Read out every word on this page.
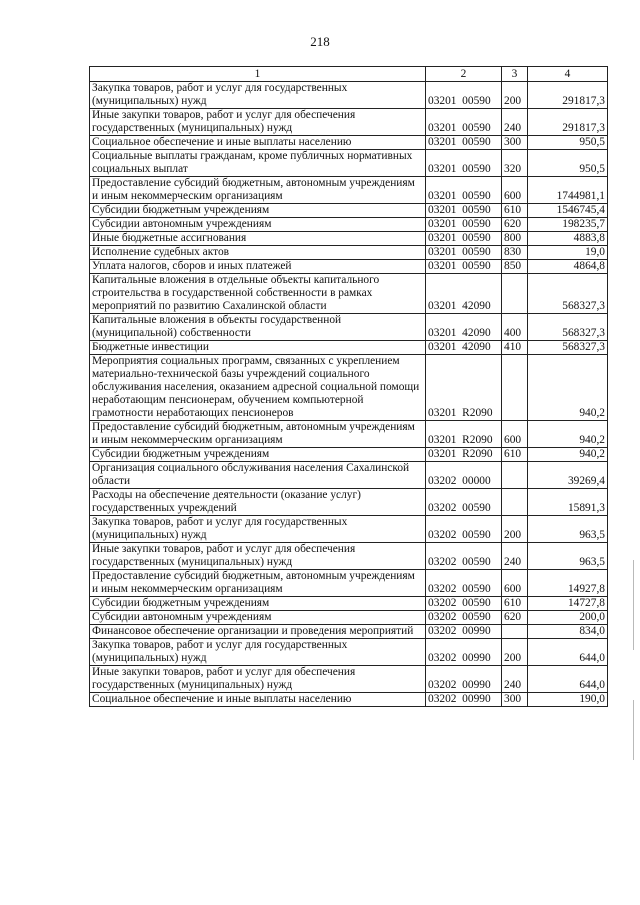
218
1	2	3	4
Закупка товаров, работ и услуг для государственных (муниципальных) нужд	03201  00590	200	291817,3
Иные закупки товаров, работ и услуг для обеспечения государственных (муниципальных) нужд	03201  00590	240	291817,3
Социальное обеспечение и иные выплаты населению	03201  00590	300	950,5
Социальные выплаты гражданам, кроме публичных нормативных социальных выплат	03201  00590	320	950,5
Предоставление субсидий бюджетным, автономным учреждениям и иным некоммерческим организациям	03201  00590	600	1744981,1
Субсидии бюджетным учреждениям	03201  00590	610	1546745,4
Субсидии автономным учреждениям	03201  00590	620	198235,7
Иные бюджетные ассигнования	03201  00590	800	4883,8
Исполнение судебных актов	03201  00590	830	19,0
Уплата налогов, сборов и иных платежей	03201  00590	850	4864,8
Капитальные вложения в отдельные объекты капитального строительства в государственной собственности в рамках мероприятий по развитию Сахалинской области	03201  42090		568327,3
Капитальные вложения в объекты государственной (муниципальной) собственности	03201  42090	400	568327,3
Бюджетные инвестиции	03201  42090	410	568327,3
Мероприятия социальных программ, связанных с укреплением материально-технической базы учреждений социального обслуживания населения, оказанием адресной социальной помощи неработающим пенсионерам, обучением компьютерной грамотности неработающих пенсионеров	03201  R2090		940,2
Предоставление субсидий бюджетным, автономным учреждениям и иным некоммерческим организациям	03201  R2090	600	940,2
Субсидии бюджетным учреждениям	03201  R2090	610	940,2
Организация социального обслуживания населения Сахалинской области	03202  00000		39269,4
Расходы на обеспечение деятельности (оказание услуг) государственных учреждений	03202  00590		15891,3
Закупка товаров, работ и услуг для государственных (муниципальных) нужд	03202  00590	200	963,5
Иные закупки товаров, работ и услуг для обеспечения государственных (муниципальных) нужд	03202  00590	240	963,5
Предоставление субсидий бюджетным, автономным учреждениям и иным некоммерческим организациям	03202  00590	600	14927,8
Субсидии бюджетным учреждениям	03202  00590	610	14727,8
Субсидии автономным учреждениям	03202  00590	620	200,0
Финансовое обеспечение организации и проведения мероприятий	03202  00990		834,0
Закупка товаров, работ и услуг для государственных (муниципальных) нужд	03202  00990	200	644,0
Иные закупки товаров, работ и услуг для обеспечения государственных (муниципальных) нужд	03202  00990	240	644,0
Социальное обеспечение и иные выплаты населению	03202  00990	300	190,0
